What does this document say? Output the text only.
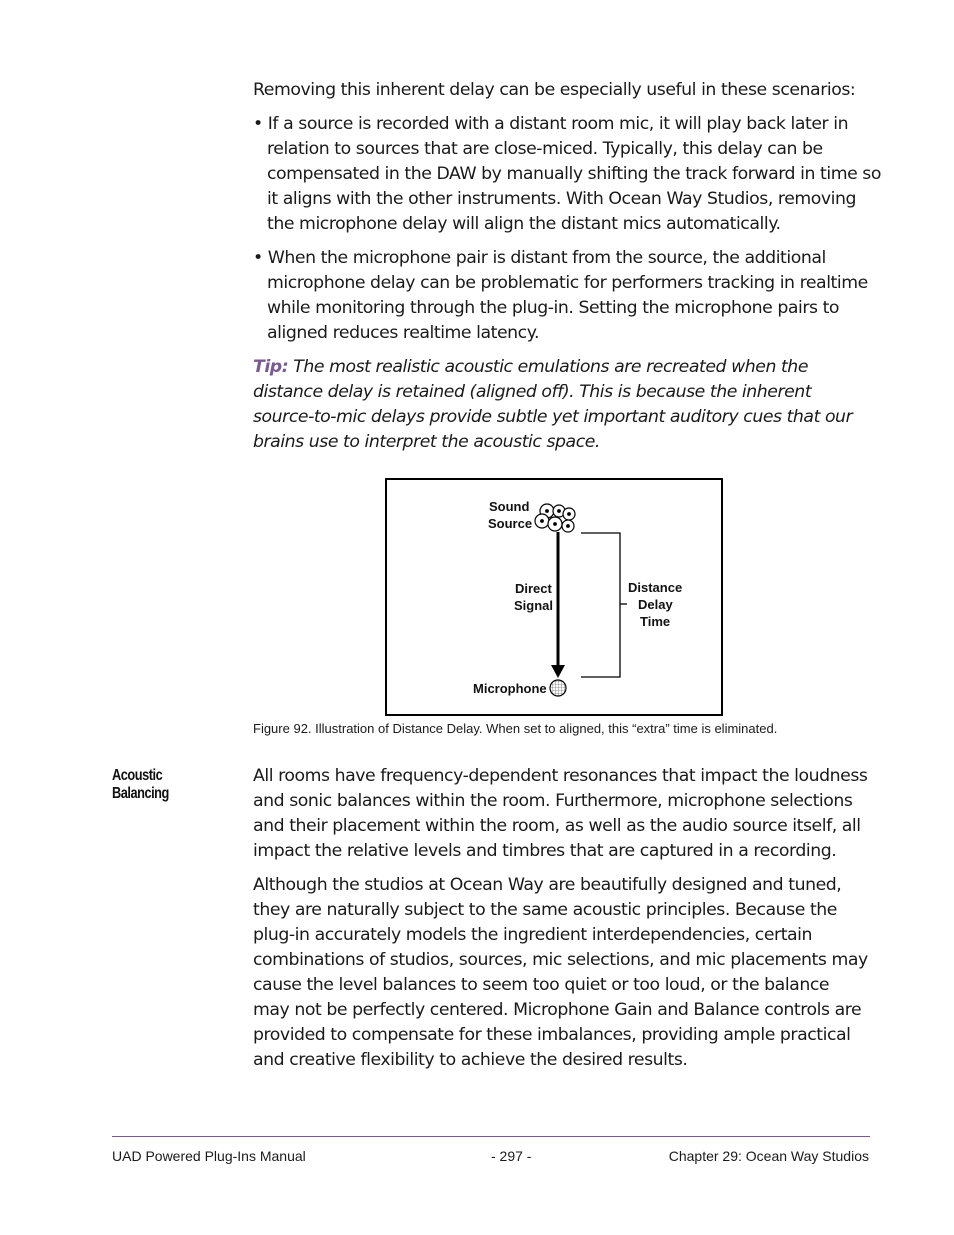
Removing this inherent delay can be especially useful in these scenarios:

• If a source is recorded with a distant room mic, it will play back later in relation to sources that are close-miced. Typically, this delay can be compensated in the DAW by manually shifting the track forward in time so it aligns with the other instruments. With Ocean Way Studios, removing the microphone delay will align the distant mics automatically.

• When the microphone pair is distant from the source, the additional microphone delay can be problematic for performers tracking in realtime while monitoring through the plug-in. Setting the microphone pairs to aligned reduces realtime latency.

Tip: The most realistic acoustic emulations are recreated when the distance delay is retained (aligned off). This is because the inherent source-to-mic delays provide subtle yet important auditory cues that our brains use to interpret the acoustic space.

Sound

Source

Direct

Signal

Distance

Delay

Time

Microphone

Figure 92. Illustration of Distance Delay. When set to aligned, this “extra” time is eliminated.

Acoustic
Balancing

All rooms have frequency-dependent resonances that impact the loudness and sonic balances within the room. Furthermore, microphone selections and their placement within the room, as well as the audio source itself, all impact the relative levels and timbres that are captured in a recording.

Although the studios at Ocean Way are beautifully designed and tuned, they are naturally subject to the same acoustic principles. Because the plug-in accurately models the ingredient interdependencies, certain combinations of studios, sources, mic selections, and mic placements may cause the level balances to seem too quiet or too loud, or the balance may not be perfectly centered. Microphone Gain and Balance controls are provided to compensate for these imbalances, providing ample practical and creative flexibility to achieve the desired results.

UAD Powered Plug-Ins Manual	- 297 -	Chapter 29: Ocean Way Studios
